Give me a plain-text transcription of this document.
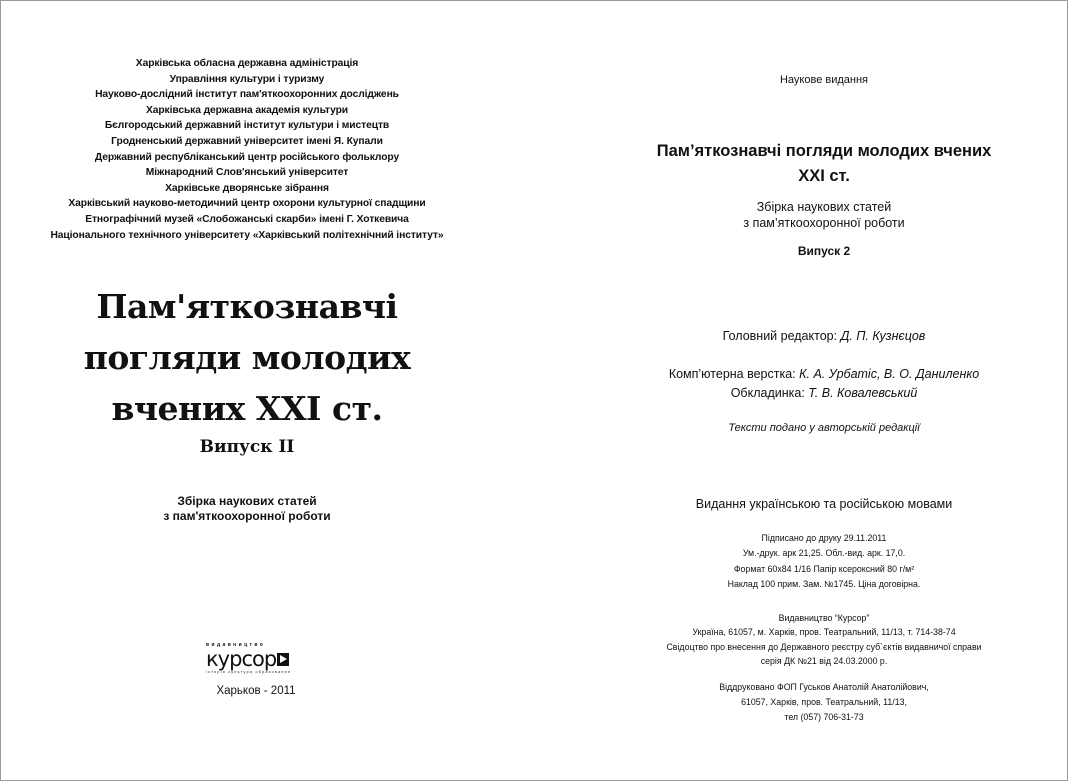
Харківська обласна державна адміністрація
Управління культури і туризму
Науково-дослідний інститут пам'яткоохоронних досліджень
Харківська державна академія культури
Бєлгородський державний інститут культури і мистецтв
Гродненський державний університет імені Я. Купали
Державний республіканський центр російського фольклору
Міжнародний Слов'янський університет
Харківське дворянське зібрання
Харківський науково-методичний центр охорони культурної спадщини
Етнографічний музей «Слобожанські скарби» імені Г. Хоткевича
Національного технічного університету «Харківський політехнічний інститут»
Пам'яткознавчі
погляди молодих
вчених XXI ст.
Випуск II
Збірка наукових статей
з пам'яткоохоронної роботи
видавництво
курсор
історія культура образование
Харьков - 2011
Наукове видання
Пам’яткознавчі погляди молодих вчених
XXI ст.
Збірка наукових статей
з пам’яткоохоронної роботи
Випуск 2
Головний редактор: Д. П. Кузнєцов
Комп’ютерна верстка: К. А. Урбатіс, В. О. Даниленко
Обкладинка: Т. В. Ковалевський
Тексти подано у авторській редакції
Видання українською та російською мовами
Підписано до друку 29.11.2011
Ум.-друк. арк 21,25. Обл.-вид. арк. 17,0.
Формат 60х84 1/16 Папір ксероксний 80 г/м²
Наклад 100 прим. Зам. №1745. Ціна договірна.
Видавництво “Курсор”
Україна, 61057, м. Харків, пров. Театральний, 11/13, т. 714-38-74
Свідоцтво про внесення до Державного реєстру суб`єктів видавничої справи
серія ДК №21 від 24.03.2000 р.
Віддруковано ФОП Гуськов Анатолій Анатолійович,
61057, Харків, пров. Театральний, 11/13,
тел (057) 706-31-73
